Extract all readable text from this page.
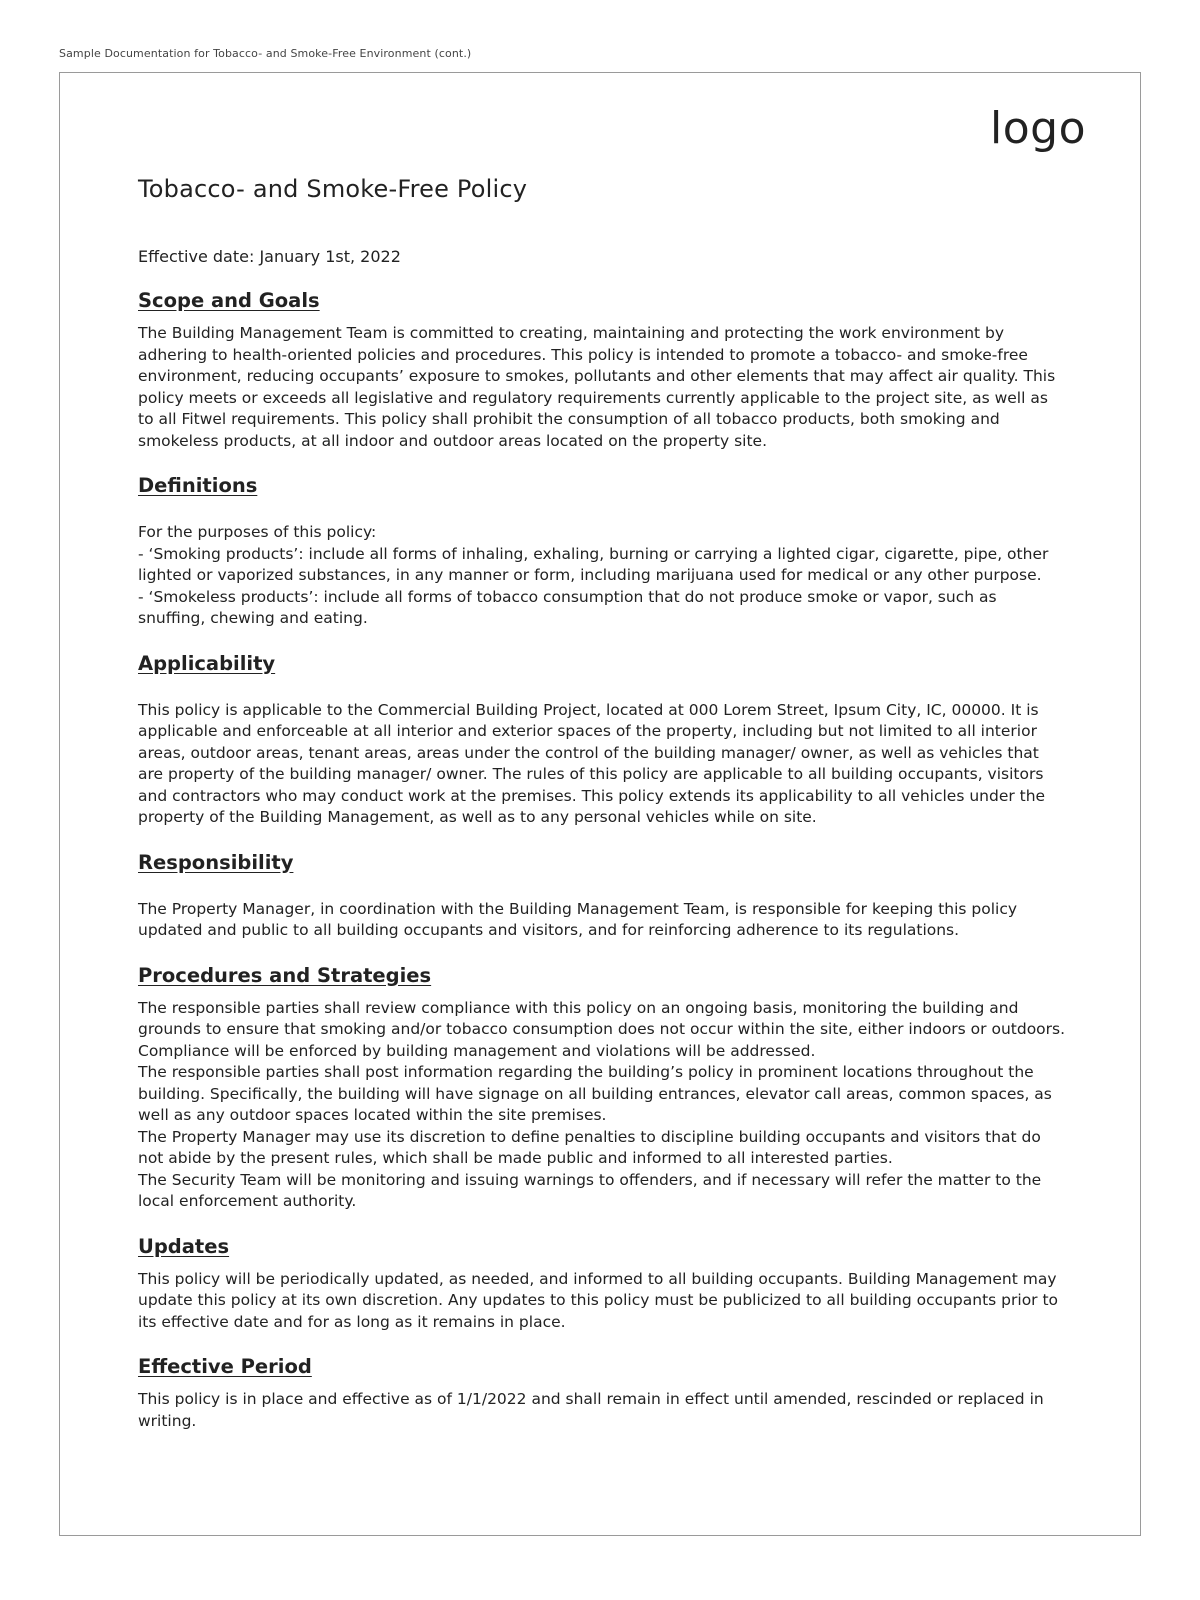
Sample Documentation for Tobacco- and Smoke-Free Environment (cont.)
logo
Tobacco- and Smoke-Free Policy

Effective date: January 1st, 2022

Scope and Goals

The Building Management Team is committed to creating, maintaining and protecting the work environment by adhering to health-oriented policies and procedures. This policy is intended to promote a tobacco- and smoke-free environment, reducing occupants’ exposure to smokes, pollutants and other elements that may affect air quality. This policy meets or exceeds all legislative and regulatory requirements currently applicable to the project site, as well as to all Fitwel requirements. This policy shall prohibit the consumption of all tobacco products, both smoking and smokeless products, at all indoor and outdoor areas located on the property site.

Definitions

For the purposes of this policy:

- ‘Smoking products’: include all forms of inhaling, exhaling, burning or carrying a lighted cigar, cigarette, pipe, other lighted or vaporized substances, in any manner or form, including marijuana used for medical or any other purpose.

- ‘Smokeless products’: include all forms of tobacco consumption that do not produce smoke or vapor, such as snuffing, chewing and eating.

Applicability

This policy is applicable to the Commercial Building Project, located at 000 Lorem Street, Ipsum City, IC, 00000. It is applicable and enforceable at all interior and exterior spaces of the property, including but not limited to all interior areas, outdoor areas, tenant areas, areas under the control of the building manager/ owner, as well as vehicles that are property of the building manager/ owner. The rules of this policy are applicable to all building occupants, visitors and contractors who may conduct work at the premises. This policy extends its applicability to all vehicles under the property of the Building Management, as well as to any personal vehicles while on site.

Responsibility

The Property Manager, in coordination with the Building Management Team, is responsible for keeping this policy updated and public to all building occupants and visitors, and for reinforcing adherence to its regulations.

Procedures and Strategies

The responsible parties shall review compliance with this policy on an ongoing basis, monitoring the building and grounds to ensure that smoking and/or tobacco consumption does not occur within the site, either indoors or outdoors. Compliance will be enforced by building management and violations will be addressed.

The responsible parties shall post information regarding the building’s policy in prominent locations throughout the building. Specifically, the building will have signage on all building entrances, elevator call areas, common spaces, as well as any outdoor spaces located within the site premises.

The Property Manager may use its discretion to define penalties to discipline building occupants and visitors that do not abide by the present rules, which shall be made public and informed to all interested parties.

The Security Team will be monitoring and issuing warnings to offenders, and if necessary will refer the matter to the local enforcement authority.

Updates

This policy will be periodically updated, as needed, and informed to all building occupants. Building Management may update this policy at its own discretion. Any updates to this policy must be publicized to all building occupants prior to its effective date and for as long as it remains in place.

Effective Period

This policy is in place and effective as of 1/1/2022 and shall remain in effect until amended, rescinded or replaced in writing.
